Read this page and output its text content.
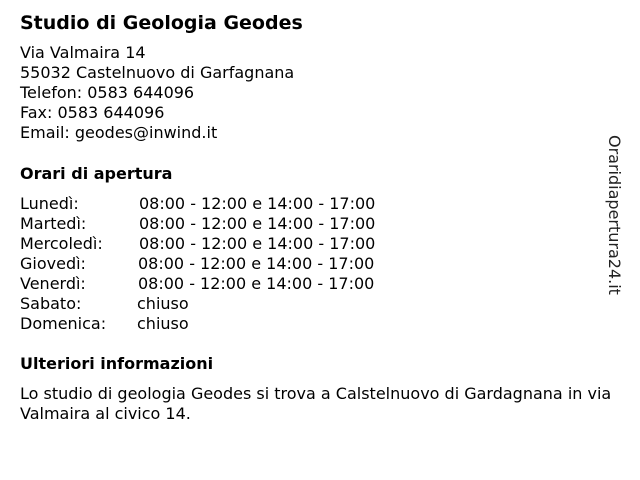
Studio di Geologia Geodes
Via Valmaira 14
55032 Castelnuovo di Garfagnana
Telefon: 0583 644096
Fax: 0583 644096
Email: geodes@inwind.it
Orari di apertura
Lunedì:	08:00 - 12:00 e 14:00 - 17:00
Martedì:	08:00 - 12:00 e 14:00 - 17:00
Mercoledì: 08:00 - 12:00 e 14:00 - 17:00
Giovedì:	08:00 - 12:00 e 14:00 - 17:00
Venerdì:	08:00 - 12:00 e 14:00 - 17:00
Sabato:	chiuso
Domenica: chiuso
Ulteriori informazioni
Lo studio di geologia Geodes si trova a Calstelnuovo di Gardagnana in via Valmaira al civico 14.
Oraridiapertura24.it
